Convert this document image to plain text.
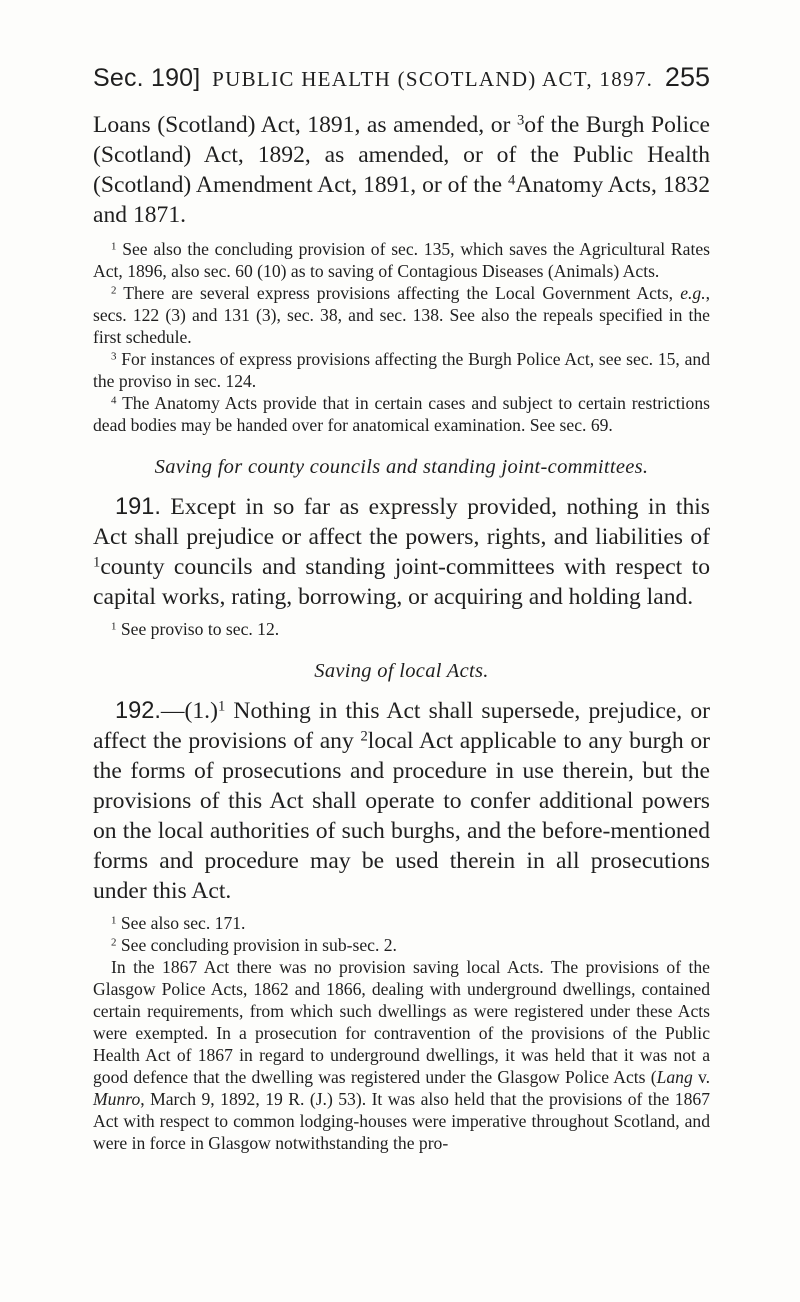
Sec. 190] PUBLIC HEALTH (SCOTLAND) ACT, 1897. 255

Loans (Scotland) Act, 1891, as amended, or $^3$of the Burgh Police (Scotland) Act, 1892, as amended, or of the Public Health (Scotland) Amendment Act, 1891, or of the $^4$Anatomy Acts, 1832 and 1871.

$^1$ See also the concluding provision of sec. 135, which saves the Agricultural Rates Act, 1896, also sec. 60 (10) as to saving of Contagious Diseases (Animals) Acts.

$^2$ There are several express provisions affecting the Local Government Acts, e.g., secs. 122 (3) and 131 (3), sec. 38, and sec. 138. See also the repeals specified in the first schedule.

$^3$ For instances of express provisions affecting the Burgh Police Act, see sec. 15, and the proviso in sec. 124.

$^4$ The Anatomy Acts provide that in certain cases and subject to certain restrictions dead bodies may be handed over for anatomical examination. See sec. 69.

Saving for county councils and standing joint-committees.

191. Except in so far as expressly provided, nothing in this Act shall prejudice or affect the powers, rights, and liabilities of $^1$county councils and standing joint-committees with respect to capital works, rating, borrowing, or acquiring and holding land.

$^1$ See proviso to sec. 12.

Saving of local Acts.

$192.—(1.)^1$ Nothing in this Act shall supersede, prejudice, or affect the provisions of any $^2$local Act applicable to any burgh or the forms of prosecutions and procedure in use therein, but the provisions of this Act shall operate to confer additional powers on the local authorities of such burghs, and the before-mentioned forms and procedure may be used therein in all prosecutions under this Act.

$^1$ See also sec. 171.

$^2$ See concluding provision in sub-sec. 2.

In the 1867 Act there was no provision saving local Acts. The provisions of the Glasgow Police Acts, 1862 and 1866, dealing with underground dwellings, contained certain requirements, from which such dwellings as were registered under these Acts were exempted. In a prosecution for contravention of the provisions of the Public Health Act of 1867 in regard to underground dwellings, it was held that it was not a good defence that the dwelling was registered under the Glasgow Police Acts (Lang v. Munro, March 9, 1892, 19 R. (J.) 53). It was also held that the provisions of the 1867 Act with respect to common lodging-houses were imperative throughout Scotland, and were in force in Glasgow notwithstanding the pro-
